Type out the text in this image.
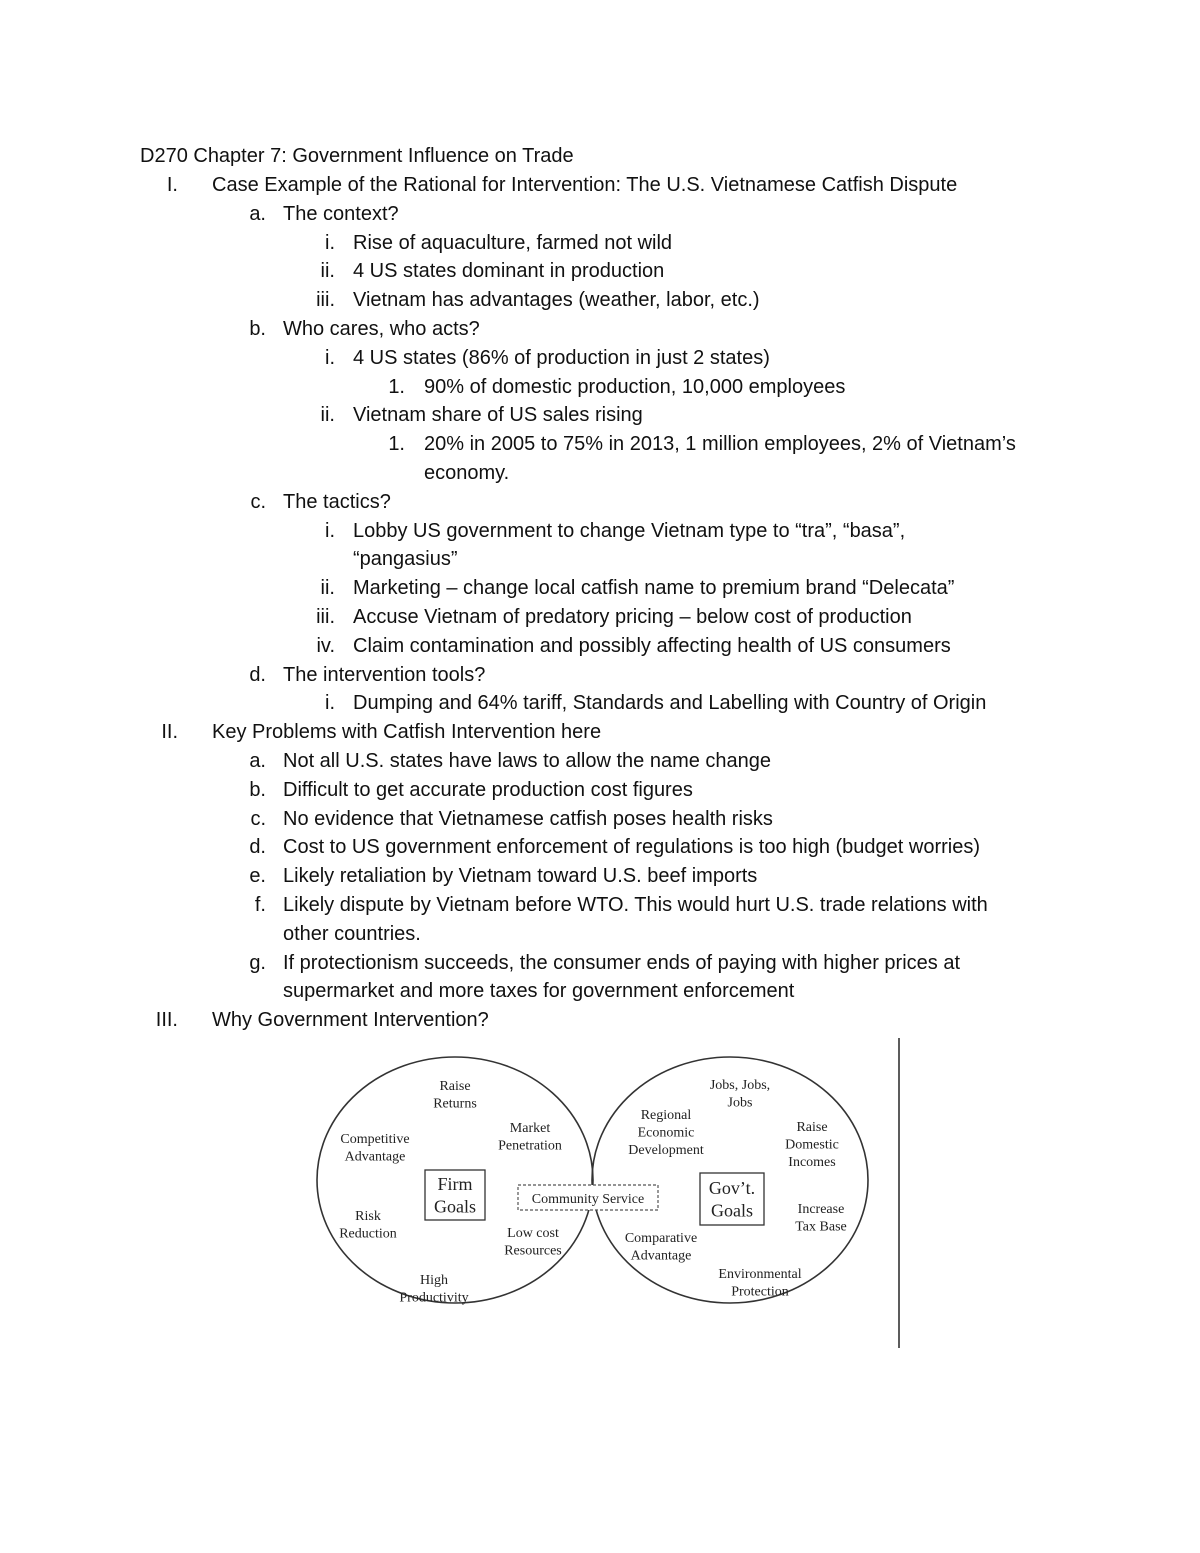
D270 Chapter 7: Government Influence on Trade
I. Case Example of the Rational for Intervention: The U.S. Vietnamese Catfish Dispute
a. The context?
i. Rise of aquaculture, farmed not wild
ii. 4 US states dominant in production
iii. Vietnam has advantages (weather, labor, etc.)
b. Who cares, who acts?
i. 4 US states (86% of production in just 2 states)
1. 90% of domestic production, 10,000 employees
ii. Vietnam share of US sales rising
1. 20% in 2005 to 75% in 2013, 1 million employees, 2% of Vietnam’s
economy.
c. The tactics?
i. Lobby US government to change Vietnam type to “tra”, “basa”,
“pangasius”
ii. Marketing – change local catfish name to premium brand “Delecata”
iii. Accuse Vietnam of predatory pricing – below cost of production
iv. Claim contamination and possibly affecting health of US consumers
d. The intervention tools?
i. Dumping and 64% tariff, Standards and Labelling with Country of Origin
II. Key Problems with Catfish Intervention here
a. Not all U.S. states have laws to allow the name change
b. Difficult to get accurate production cost figures
c. No evidence that Vietnamese catfish poses health risks
d. Cost to US government enforcement of regulations is too high (budget worries)
e. Likely retaliation by Vietnam toward U.S. beef imports
f. Likely dispute by Vietnam before WTO. This would hurt U.S. trade relations with
other countries.
g. If protectionism succeeds, the consumer ends of paying with higher prices at
supermarket and more taxes for government enforcement
III. Why Government Intervention?
Raise Returns
Market Penetration
Competitive Advantage
Risk Reduction	Low cost Resources
High Productivity
Firm Goals
Jobs, Jobs, Jobs
Regional Economic Development
Raise Domestic Incomes
Increase Tax Base
Comparative Advantage
Environmental Protection
Gov’t. Goals
Community Service
